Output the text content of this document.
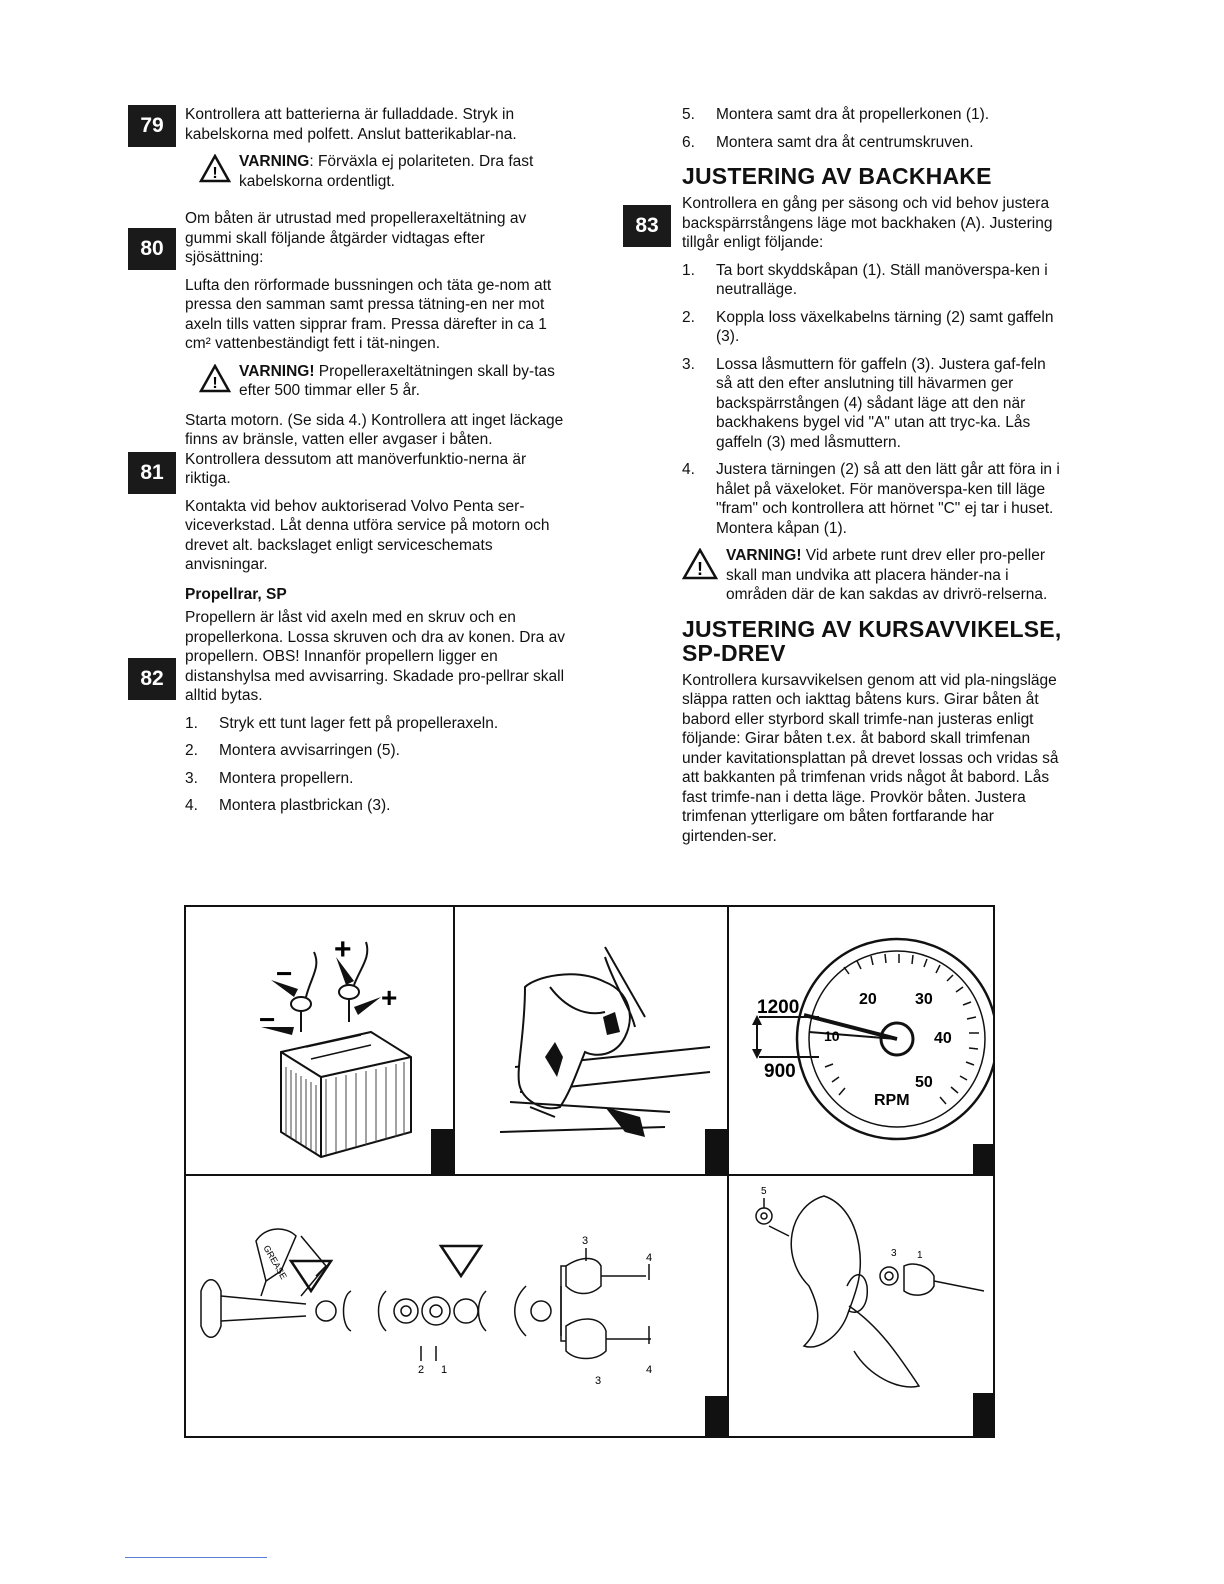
79	Kontrollera att batterierna är fulladdade. Stryk in kabelskorna med polfett. Anslut batterikablar-na.

!
VARNING: Förväxla ej polariteten. Dra fast kabelskorna ordentligt.

Om båten är utrustad med propelleraxeltätning av gummi skall följande åtgärder vidtagas efter sjösättning:

Lufta den rörformade bussningen och täta ge-nom att pressa den samman samt pressa tätning-en ner mot axeln tills vatten sipprar fram. Pressa därefter in ca 1 cm² vattenbeständigt fett i tät-ningen.

!
VARNING! Propelleraxeltätningen skall by-tas efter 500 timmar eller 5 år.

Starta motorn. (Se sida 4.) Kontrollera att inget läckage finns av bränsle, vatten eller avgaser i båten. Kontrollera dessutom att manöverfunktio-nerna är riktiga.

Kontakta vid behov auktoriserad Volvo Penta ser-viceverkstad. Låt denna utföra service på motorn och drevet alt. backslaget enligt serviceschemats anvisningar.

Propellrar, SP

Propellern är låst vid axeln med en skruv och en propellerkona. Lossa skruven och dra av konen. Dra av propellern. OBS! Innanför propellern ligger en distanshylsa med avvisarring. Skadade pro-pellrar skall alltid bytas.

1.	Stryk ett tunt lager fett på propelleraxeln.
2.	Montera avvisarringen (5).
3.	Montera propellern.
4.	Montera plastbrickan (3).
80
81
82
83
5.	Montera samt dra åt propellerkonen (1).
6.	Montera samt dra åt centrumskruven.
JUSTERING AV BACKHAKE

Kontrollera en gång per säsong och vid behov justera backspärrstångens läge mot backhaken (A). Justering tillgår enligt följande:

1.	Ta bort skyddskåpan (1). Ställ manöverspa-ken i neutralläge.
2.	Koppla loss växelkabelns tärning (2) samt gaffeln (3).
3.	Lossa låsmuttern för gaffeln (3). Justera gaf-feln så att den efter anslutning till hävarmen ger backspärrstången (4) sådant läge att den när backhakens bygel vid "A" utan att tryc-ka. Lås gaffeln (3) med låsmuttern.
4.	Justera tärningen (2) så att den lätt går att föra in i hålet på växeloket. För manöverspa-ken till läge "fram" och kontrollera att hörnet "C" ej tar i huset. Montera kåpan (1).
!
VARNING! Vid arbete runt drev eller pro-peller skall man undvika att placera händer-na i områden där de kan sakdas av drivrö-relserna.
JUSTERING AV KURSAVVIKELSE,
SP-DREV

Kontrollera kursavvikelsen genom att vid pla-ningsläge släppa ratten och iakttag båtens kurs. Girar båten åt babord eller styrbord skall trimfe-nan justeras enligt följande: Girar båten t.ex. åt babord skall trimfenan under kavitationsplattan på drevet lossas och vridas så att bakkanten på trimfenan vrids något åt babord. Lås fast trimfe-nan i detta läge. Provkör båten. Justera trimfenan ytterligare om båten fortfarande har girtenden-ser.

+
+
−
−
20 30
40
50
10
RPM
1200
900
GREASE
3
4
2 1
3
4
5
3 1
